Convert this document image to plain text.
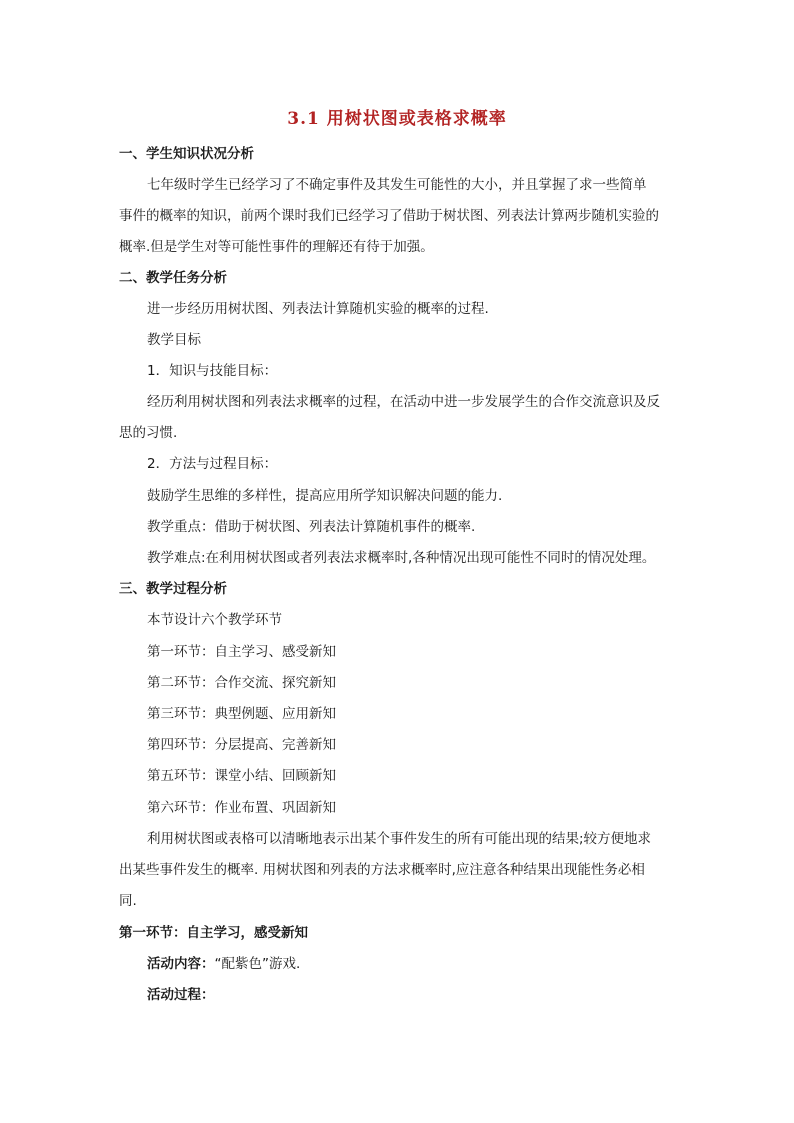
3.1 用树状图或表格求概率
一、学生知识状况分析
七年级时学生已经学习了不确定事件及其发生可能性的大小，并且掌握了求一些简单
事件的概率的知识，前两个课时我们已经学习了借助于树状图、列表法计算两步随机实验的
概率.但是学生对等可能性事件的理解还有待于加强。
二、教学任务分析
进一步经历用树状图、列表法计算随机实验的概率的过程.
教学目标
1．知识与技能目标：
经历利用树状图和列表法求概率的过程，在活动中进一步发展学生的合作交流意识及反
思的习惯.
2．方法与过程目标：
鼓励学生思维的多样性，提高应用所学知识解决问题的能力.
教学重点：借助于树状图、列表法计算随机事件的概率.
教学难点:在利用树状图或者列表法求概率时,各种情况出现可能性不同时的情况处理。
三、教学过程分析
本节设计六个教学环节
第一环节：自主学习、感受新知
第二环节：合作交流、探究新知
第三环节：典型例题、应用新知
第四环节：分层提高、完善新知
第五环节：课堂小结、回顾新知
第六环节：作业布置、巩固新知
利用树状图或表格可以清晰地表示出某个事件发生的所有可能出现的结果;较方便地求
出某些事件发生的概率. 用树状图和列表的方法求概率时,应注意各种结果出现能性务必相
同.
第一环节：自主学习，感受新知
活动内容：“配紫色”游戏.
活动过程：
